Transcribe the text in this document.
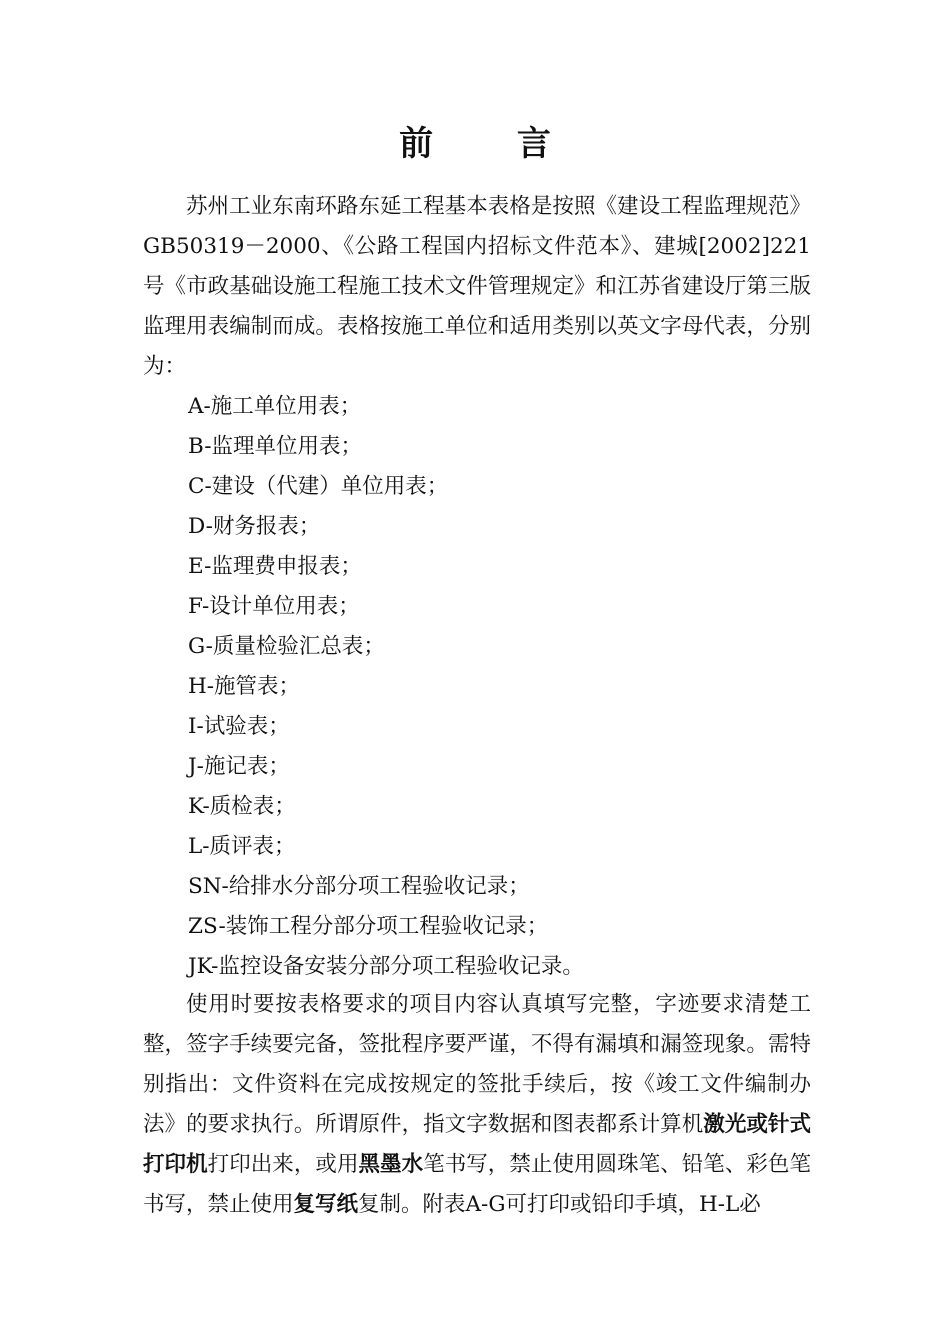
前 言

苏州工业东南环路东延工程基本表格是按照《建设工程监理规范》GB50319－2000、《公路工程国内招标文件范本》、建城[2002]221号《市政基础设施工程施工技术文件管理规定》和江苏省建设厅第三版监理用表编制而成。表格按施工单位和适用类别以英文字母代表，分别为：

A-施工单位用表；
B-监理单位用表；
C-建设（代建）单位用表；
D-财务报表；
E-监理费申报表；
F-设计单位用表；
G-质量检验汇总表；
H-施管表；
I-试验表；
J-施记表；
K-质检表；
L-质评表；
SN-给排水分部分项工程验收记录；
ZS-装饰工程分部分项工程验收记录；
JK-监控设备安装分部分项工程验收记录。

使用时要按表格要求的项目内容认真填写完整，字迹要求清楚工整，签字手续要完备，签批程序要严谨，不得有漏填和漏签现象。需特别指出：文件资料在完成按规定的签批手续后，按《竣工文件编制办法》的要求执行。所谓原件，指文字数据和图表都系计算机激光或针式打印机打印出来，或用黑墨水笔书写，禁止使用圆珠笔、铅笔、彩色笔书写，禁止使用复写纸复制。附表A-G可打印或铅印手填，H-L必
